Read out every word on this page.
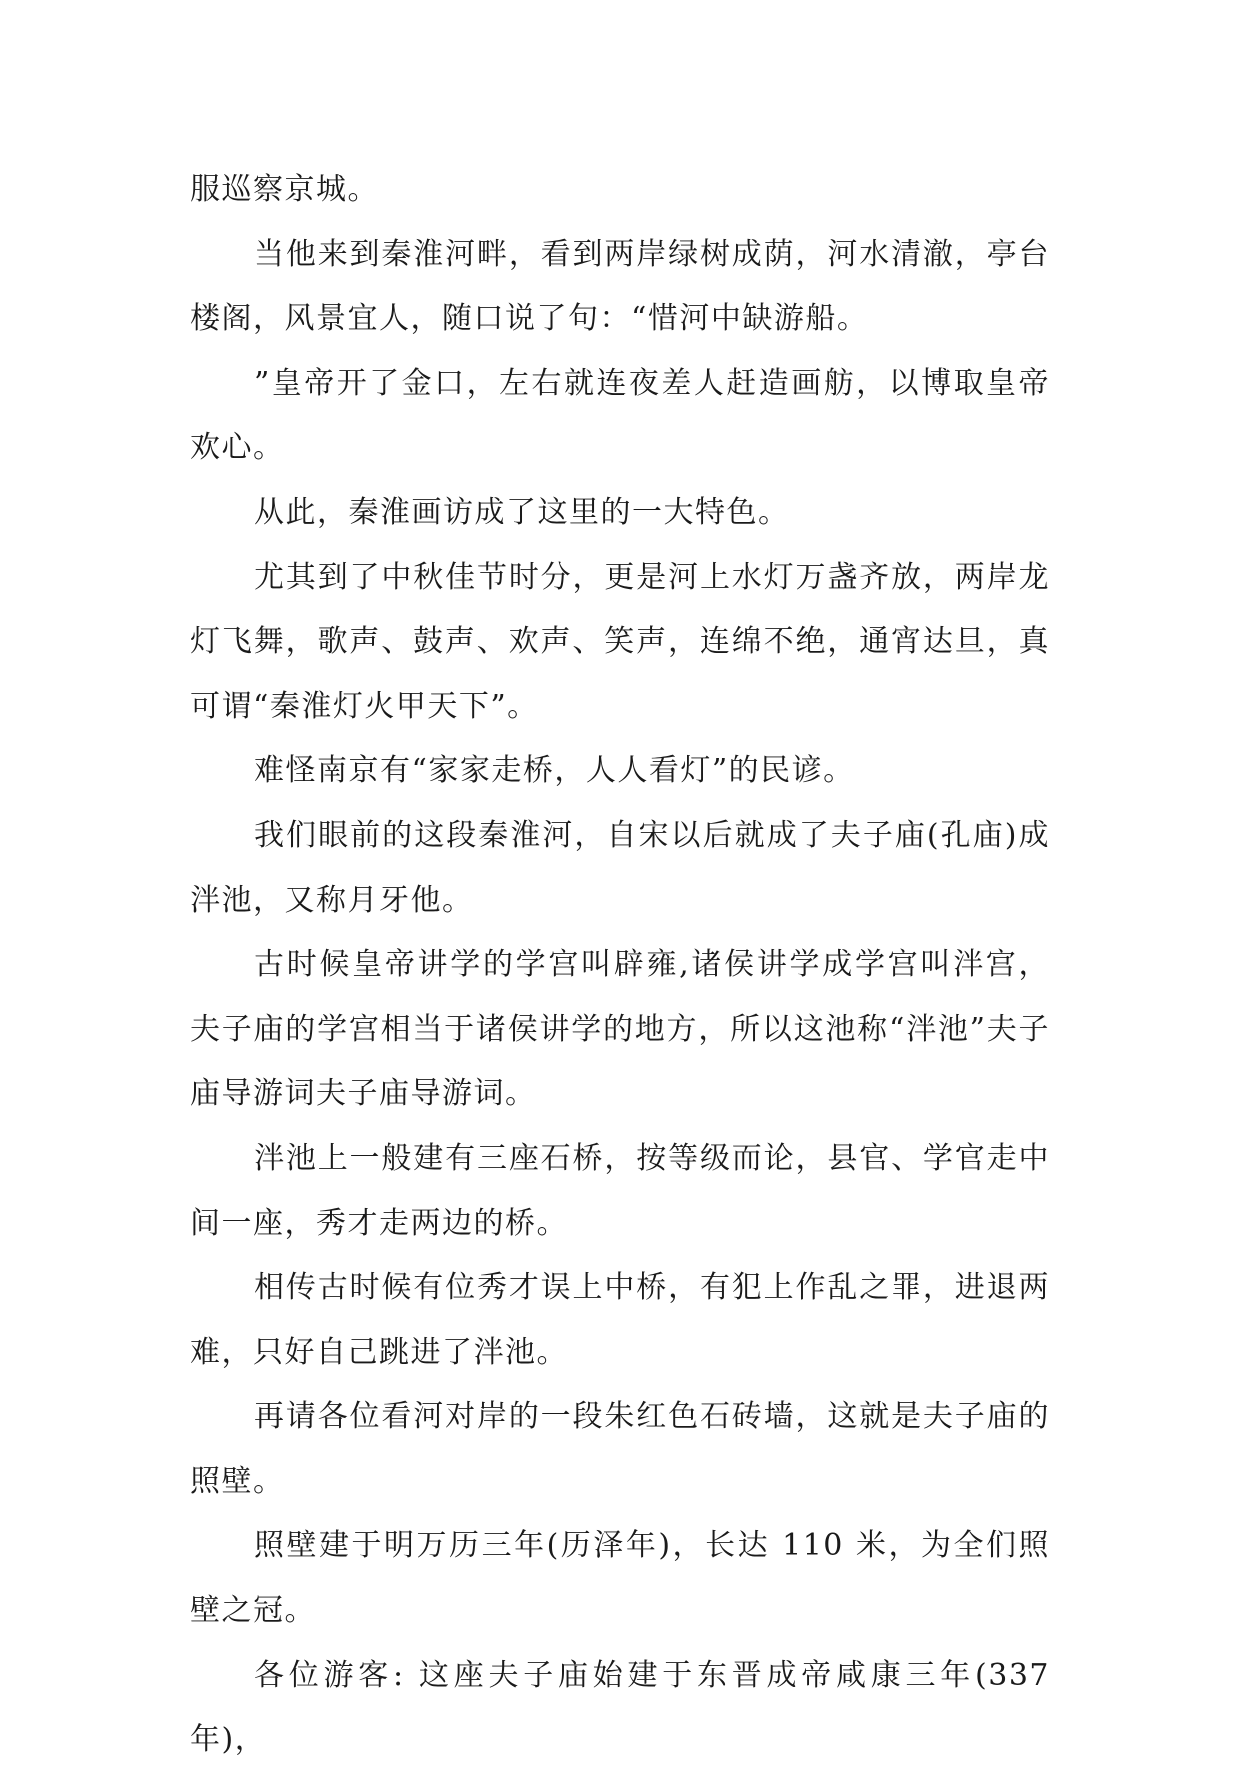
服巡察京城。

当他来到秦淮河畔，看到两岸绿树成荫，河水清澈，亭台楼阁，风景宜人，随口说了句：“惜河中缺游船。

”皇帝开了金口，左右就连夜差人赶造画舫，以博取皇帝欢心。

从此，秦淮画访成了这里的一大特色。

尤其到了中秋佳节时分，更是河上水灯万盏齐放，两岸龙灯飞舞，歌声、鼓声、欢声、笑声，连绵不绝，通宵达旦，真可谓“秦淮灯火甲天下”。

难怪南京有“家家走桥，人人看灯”的民谚。

我们眼前的这段秦淮河，自宋以后就成了夫子庙(孔庙)成泮池，又称月牙他。

古时候皇帝讲学的学宫叫辟雍,诸侯讲学成学宫叫泮宫，夫子庙的学宫相当于诸侯讲学的地方，所以这池称“泮池”夫子庙导游词夫子庙导游词。

泮池上一般建有三座石桥，按等级而论，县官、学官走中间一座，秀才走两边的桥。

相传古时候有位秀才误上中桥，有犯上作乱之罪，进退两难，只好自己跳进了泮池。

再请各位看河对岸的一段朱红色石砖墙，这就是夫子庙的照壁。

照壁建于明万历三年(历泽年)，长达 110 米，为全们照壁之冠。

各位游客: 这座夫子庙始建于东晋成帝咸康三年(337 年)，
